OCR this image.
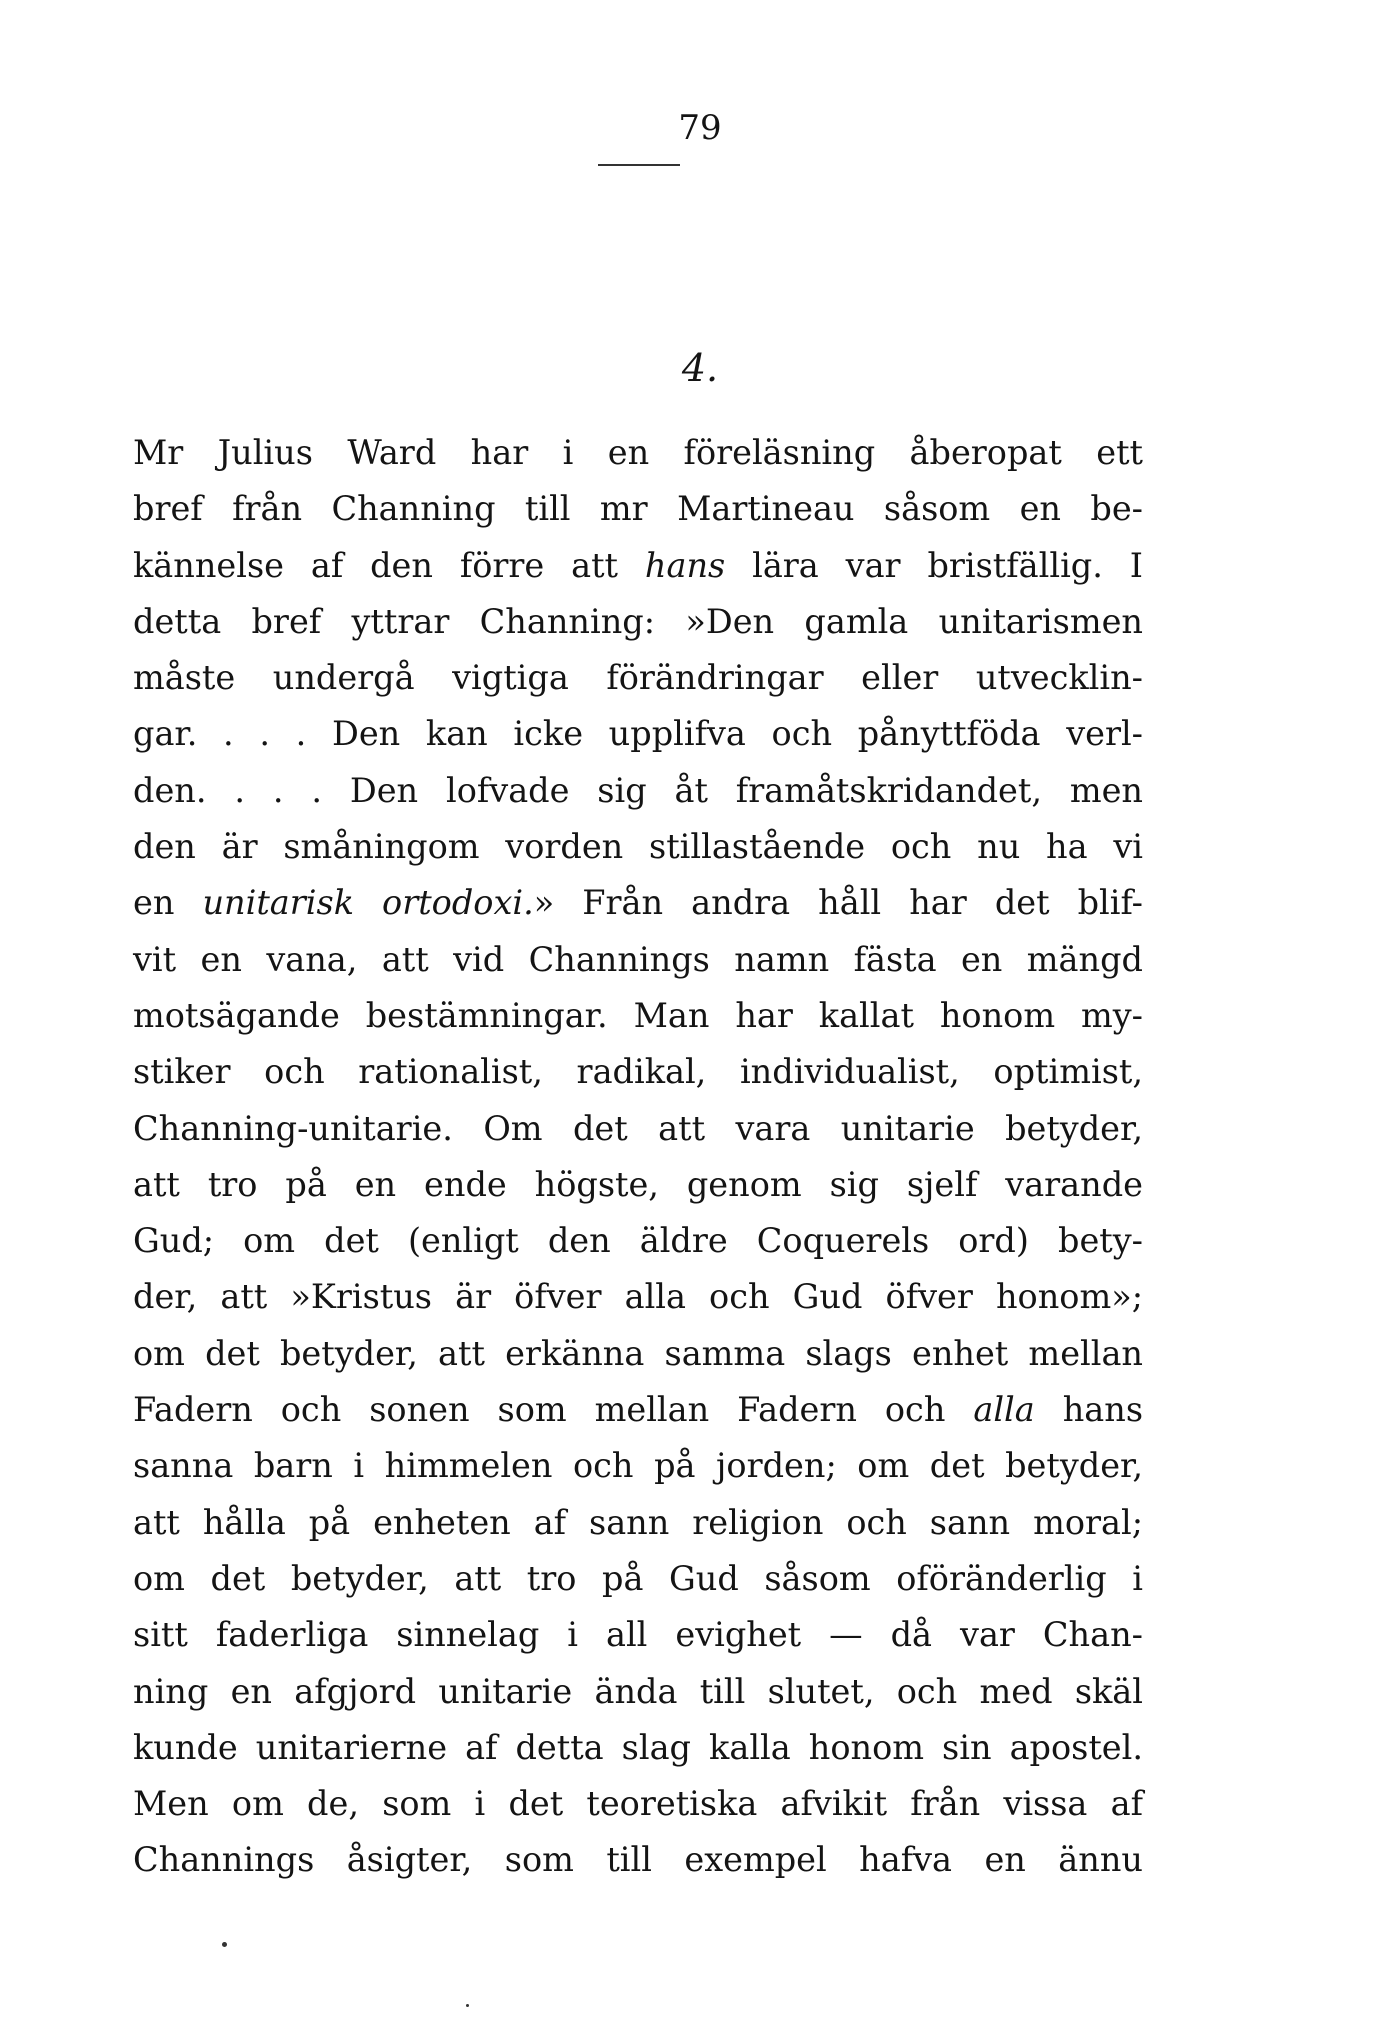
79
4.
Mr Julius Ward har i en föreläsning åberopat ett
bref från Channing till mr Martineau såsom en be-
kännelse af den förre att hans lära var bristfällig. I
detta bref yttrar Channing: »Den gamla unitarismen
måste undergå vigtiga förändringar eller utvecklin-
gar. . . . Den kan icke upplifva och pånyttföda verl-
den. . . . Den lofvade sig åt framåtskridandet, men
den är småningom vorden stillastående och nu ha vi
en unitarisk ortodoxi.» Från andra håll har det blif-
vit en vana, att vid Channings namn fästa en mängd
motsägande bestämningar. Man har kallat honom my-
stiker och rationalist, radikal, individualist, optimist,
Channing-unitarie. Om det att vara unitarie betyder,
att tro på en ende högste, genom sig sjelf varande
Gud; om det (enligt den äldre Coquerels ord) bety-
der, att »Kristus är öfver alla och Gud öfver honom»;
om det betyder, att erkänna samma slags enhet mellan
Fadern och sonen som mellan Fadern och alla hans
sanna barn i himmelen och på jorden; om det betyder,
att hålla på enheten af sann religion och sann moral;
om det betyder, att tro på Gud såsom oföränderlig i
sitt faderliga sinnelag i all evighet — då var Chan-
ning en afgjord unitarie ända till slutet, och med skäl
kunde unitarierne af detta slag kalla honom sin apostel.
Men om de, som i det teoretiska afvikit från vissa af
Channings åsigter, som till exempel hafva en ännu
